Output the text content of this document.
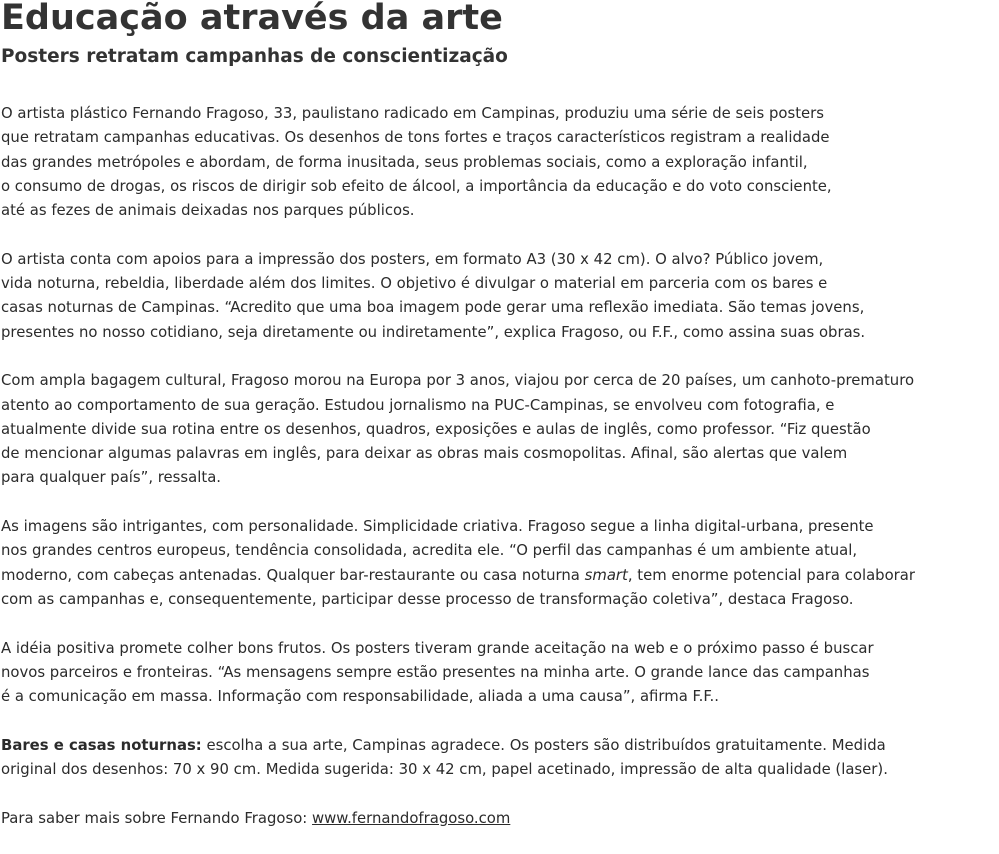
Educação através da arte
Posters retratam campanhas de conscientização

O artista plástico Fernando Fragoso, 33, paulistano radicado em Campinas, produziu uma série de seis posters
que retratam campanhas educativas. Os desenhos de tons fortes e traços característicos registram a realidade
das grandes metrópoles e abordam, de forma inusitada, seus problemas sociais, como a exploração infantil,
o consumo de drogas, os riscos de dirigir sob efeito de álcool, a importância da educação e do voto consciente,
até as fezes de animais deixadas nos parques públicos.

O artista conta com apoios para a impressão dos posters, em formato A3 (30 x 42 cm). O alvo? Público jovem,
vida noturna, rebeldia, liberdade além dos limites. O objetivo é divulgar o material em parceria com os bares e
casas noturnas de Campinas. “Acredito que uma boa imagem pode gerar uma reflexão imediata. São temas jovens,
presentes no nosso cotidiano, seja diretamente ou indiretamente”, explica Fragoso, ou F.F., como assina suas obras.

Com ampla bagagem cultural, Fragoso morou na Europa por 3 anos, viajou por cerca de 20 países, um canhoto-prematuro
atento ao comportamento de sua geração. Estudou jornalismo na PUC-Campinas, se envolveu com fotografia, e
atualmente divide sua rotina entre os desenhos, quadros, exposições e aulas de inglês, como professor. “Fiz questão
de mencionar algumas palavras em inglês, para deixar as obras mais cosmopolitas. Afinal, são alertas que valem
para qualquer país”, ressalta.

As imagens são intrigantes, com personalidade. Simplicidade criativa. Fragoso segue a linha digital-urbana, presente
nos grandes centros europeus, tendência consolidada, acredita ele. “O perfil das campanhas é um ambiente atual,
moderno, com cabeças antenadas. Qualquer bar-restaurante ou casa noturna smart, tem enorme potencial para colaborar
com as campanhas e, consequentemente, participar desse processo de transformação coletiva”, destaca Fragoso.

A idéia positiva promete colher bons frutos. Os posters tiveram grande aceitação na web e o próximo passo é buscar
novos parceiros e fronteiras. “As mensagens sempre estão presentes na minha arte. O grande lance das campanhas
é a comunicação em massa. Informação com responsabilidade, aliada a uma causa”, afirma F.F..

Bares e casas noturnas: escolha a sua arte, Campinas agradece. Os posters são distribuídos gratuitamente. Medida
original dos desenhos: 70 x 90 cm. Medida sugerida: 30 x 42 cm, papel acetinado, impressão de alta qualidade (laser).

Para saber mais sobre Fernando Fragoso: www.fernandofragoso.com
